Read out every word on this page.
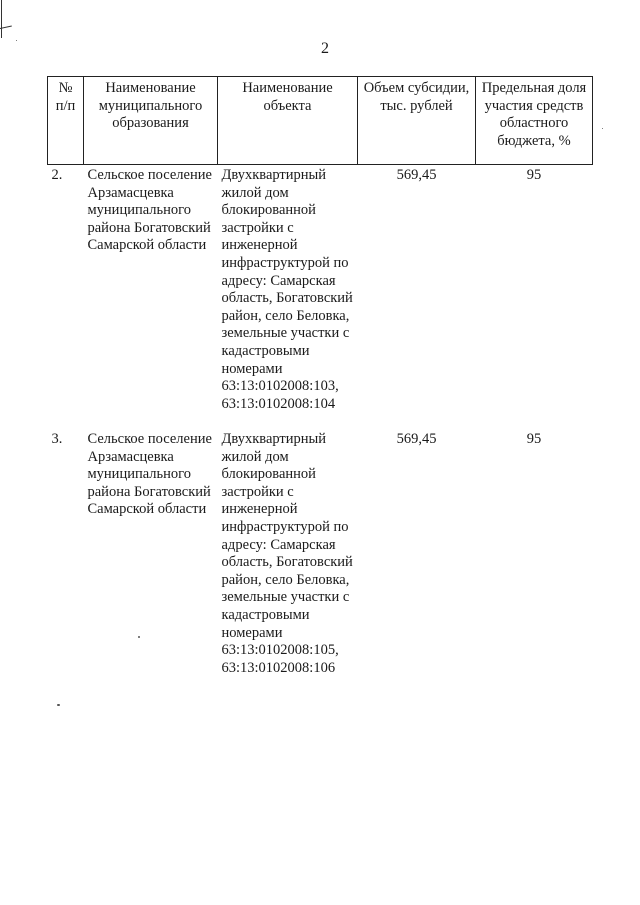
2
№ п/п	Наименование муниципального образования	Наименование объекта	Объем субсидии, тыс. рублей	Предельная доля участия средств областного бюджета, %
2.	Сельское поселение Арзамасцевка муниципального района Богатовский Самарской области	Двухквартирный жилой дом блокированной застройки с инженерной инфраструктурой по адресу: Самарская область, Богатовский район, село Беловка, земельные участки с кадастровыми номерами 63:13:0102008:103, 63:13:0102008:104	569,45	95
3.	Сельское поселение Арзамасцевка муниципального района Богатовский Самарской области	Двухквартирный жилой дом блокированной застройки с инженерной инфраструктурой по адресу: Самарская область, Богатовский район, село Беловка, земельные участки с кадастровыми номерами 63:13:0102008:105, 63:13:0102008:106	569,45	95
